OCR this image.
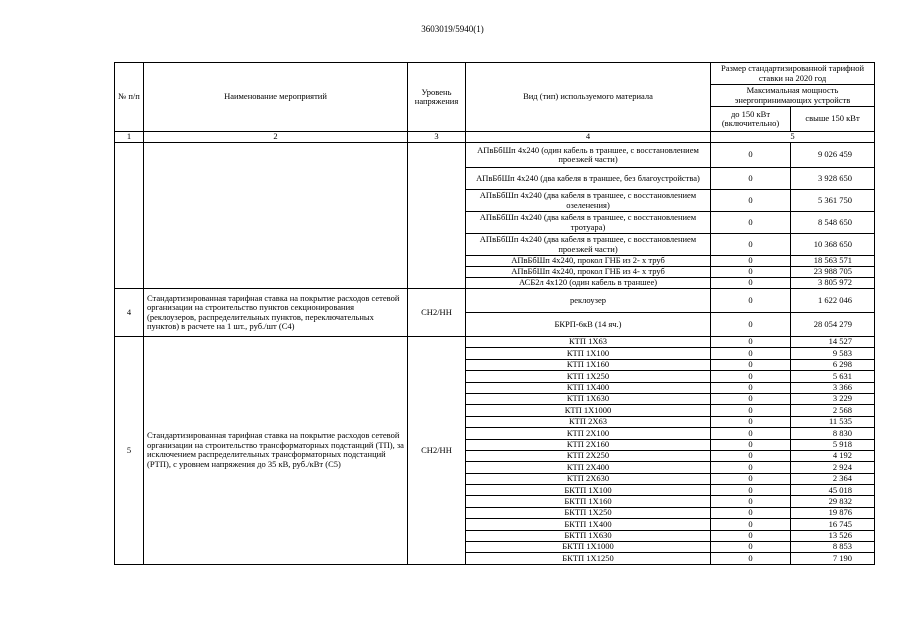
3603019/5940(1)
№ п/п	Наименование мероприятий	Уровень напряжения	Вид (тип) используемого материала	Размер стандартизированной тарифной ставки на 2020 год	
				Максимальная мощность энергопринимающих устройств	
				до 150 кВт (включительно)	свыше 150 кВт
1	2	3	4	5	
			АПвБбШп 4х240 (один кабель в траншее, с восстановлением проезжей части)	0	9 026 459
			АПвБбШп 4х240 (два кабеля в траншее, без благоустройства)	0	3 928 650
			АПвБбШп 4х240 (два кабеля в траншее, с восстановлением озеленения)	0	5 361 750
			АПвБбШп 4х240 (два кабеля в траншее, с восстановлением тротуара)	0	8 548 650
			АПвБбШп 4х240 (два кабеля в траншее, с восстановлением проезжей части)	0	10 368 650
			АПвБбШп 4х240, прокол ГНБ из 2- х труб	0	18 563 571
			АПвБбШп 4х240, прокол ГНБ из 4- х труб	0	23 988 705
			АСБ2л 4х120 (один кабель в траншее)	0	3 805 972
4	Стандартизированная тарифная ставка на покрытие расходов сетевой организации на строительство пунктов секционирования (реклоузеров, распределительных пунктов, переключательных пунктов) в расчете на 1 шт., руб./шт (С4)	СН2/НН	реклоузер	0	1 622 046
			БКРП-6кВ (14 яч.)	0	28 054 279
5	Стандартизированная тарифная ставка на покрытие расходов сетевой организации на строительство трансформаторных подстанций (ТП), за исключением распределительных трансформаторных подстанций (РТП), с уровнем напряжения до 35 кВ, руб./кВт (С5)	СН2/НН	КТП 1Х63	0	14 527
			КТП 1Х100	0	9 583
			КТП 1Х160	0	6 298
			КТП 1Х250	0	5 631
			КТП 1Х400	0	3 366
			КТП 1Х630	0	3 229
			КТП 1Х1000	0	2 568
			КТП 2Х63	0	11 535
			КТП 2Х100	0	8 830
			КТП 2Х160	0	5 918
			КТП 2Х250	0	4 192
			КТП 2Х400	0	2 924
			КТП 2Х630	0	2 364
			БКТП 1Х100	0	45 018
			БКТП 1Х160	0	29 832
			БКТП 1Х250	0	19 876
			БКТП 1Х400	0	16 745
			БКТП 1Х630	0	13 526
			БКТП 1Х1000	0	8 853
			БКТП 1Х1250	0	7 190
